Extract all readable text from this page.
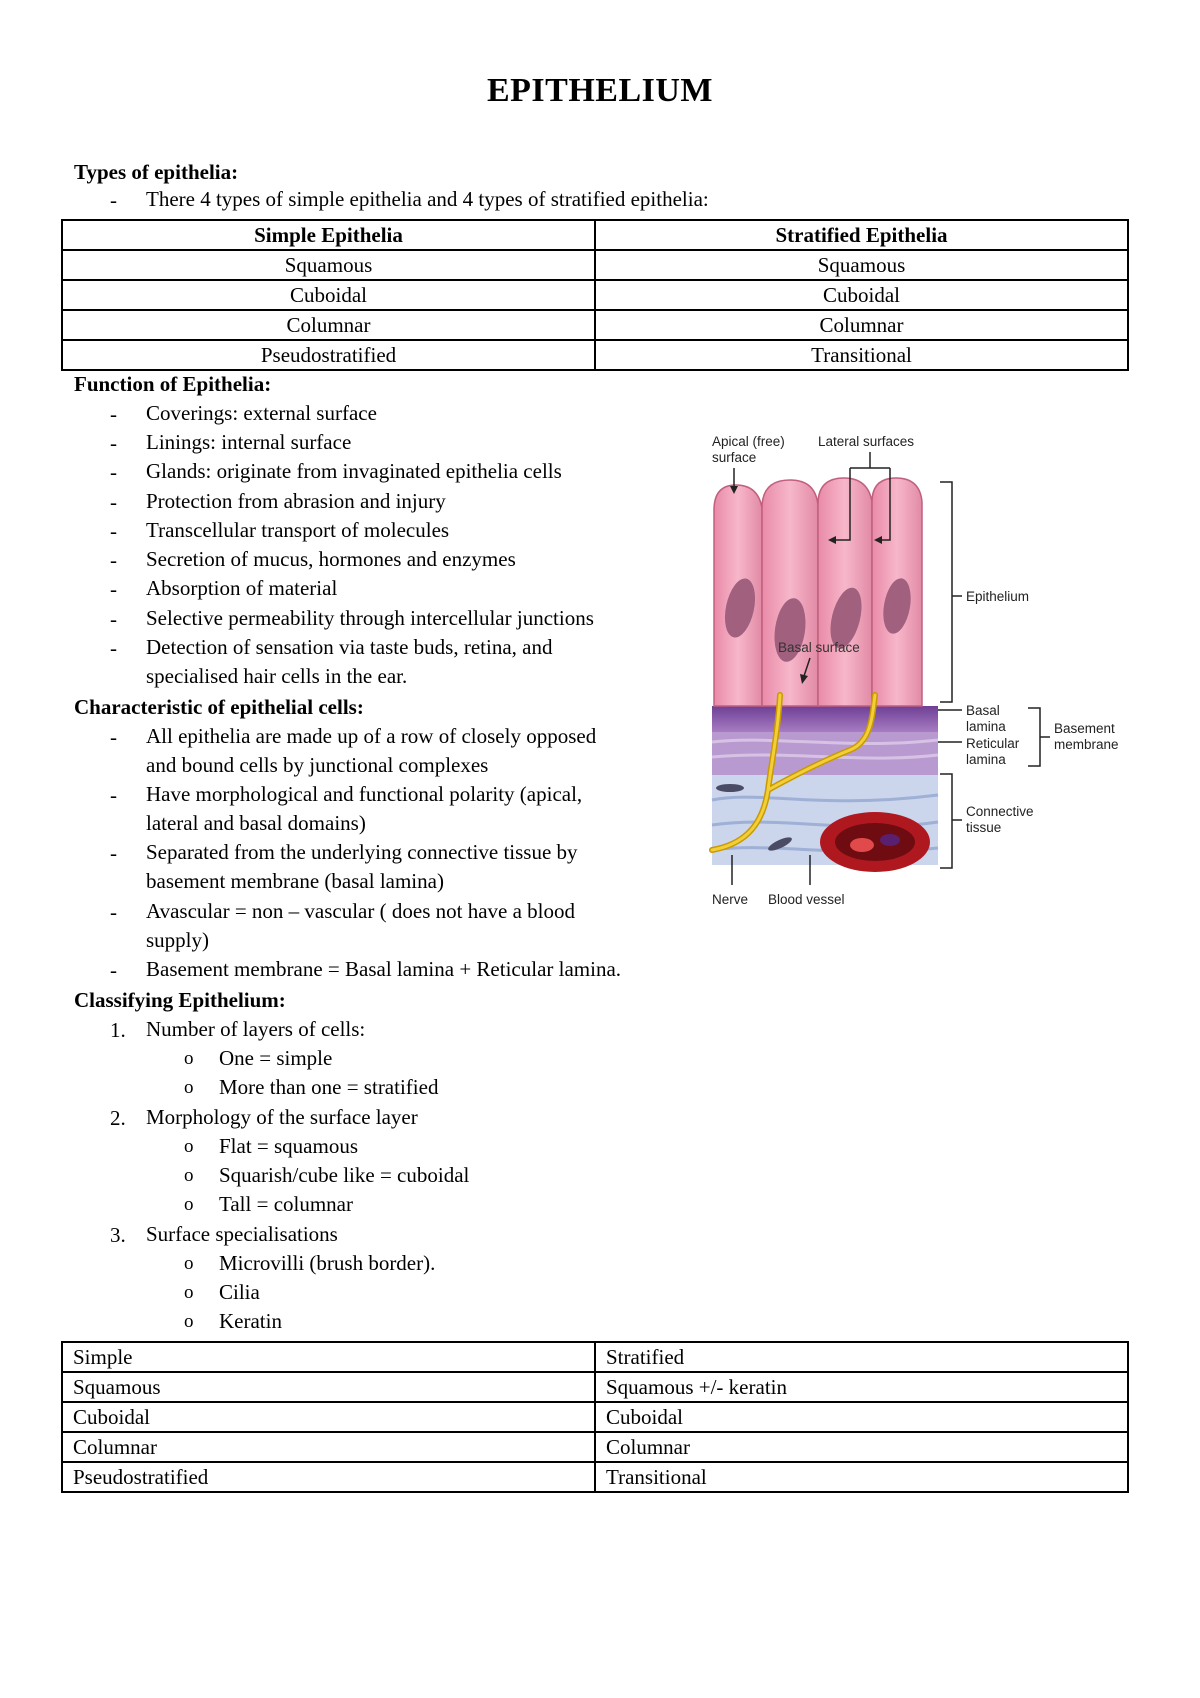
EPITHELIUM
Types of epithelia:
- There 4 types of simple epithelia and 4 types of stratified epithelia:
Simple Epithelia	Stratified Epithelia
Squamous	Squamous
Cuboidal	Cuboidal
Columnar	Columnar
Pseudostratified	Transitional
Function of Epithelia:
- Coverings: external surface
- Linings: internal surface
- Glands: originate from invaginated epithelia cells
- Protection from abrasion and injury
- Transcellular transport of molecules
- Secretion of mucus, hormones and enzymes
- Absorption of material
- Selective permeability through intercellular junctions
- Detection of sensation via taste buds, retina, and
specialised hair cells in the ear.
Characteristic of epithelial cells:
- All epithelia are made up of a row of closely opposed
and bound cells by junctional complexes
- Have morphological and functional polarity (apical,
lateral and basal domains)
- Separated from the underlying connective tissue by
basement membrane (basal lamina)
- Avascular = non – vascular ( does not have a blood
supply)
- Basement membrane = Basal lamina + Reticular lamina.
Classifying Epithelium:
1. Number of layers of cells:
o One = simple
o More than one = stratified
2. Morphology of the surface layer
o Flat = squamous
o Squarish/cube like = cuboidal
o Tall = columnar
3. Surface specialisations
o Microvilli (brush border).
o Cilia
o Keratin
Simple	Stratified
Squamous	Squamous +/- keratin
Cuboidal	Cuboidal
Columnar	Columnar
Pseudostratified	Transitional
Apical (free)
surface
Lateral surfaces
Basal surface
Epithelium
Basal
lamina
Reticular
lamina
Basement
membrane
Connective
tissue
Nerve Blood vessel
